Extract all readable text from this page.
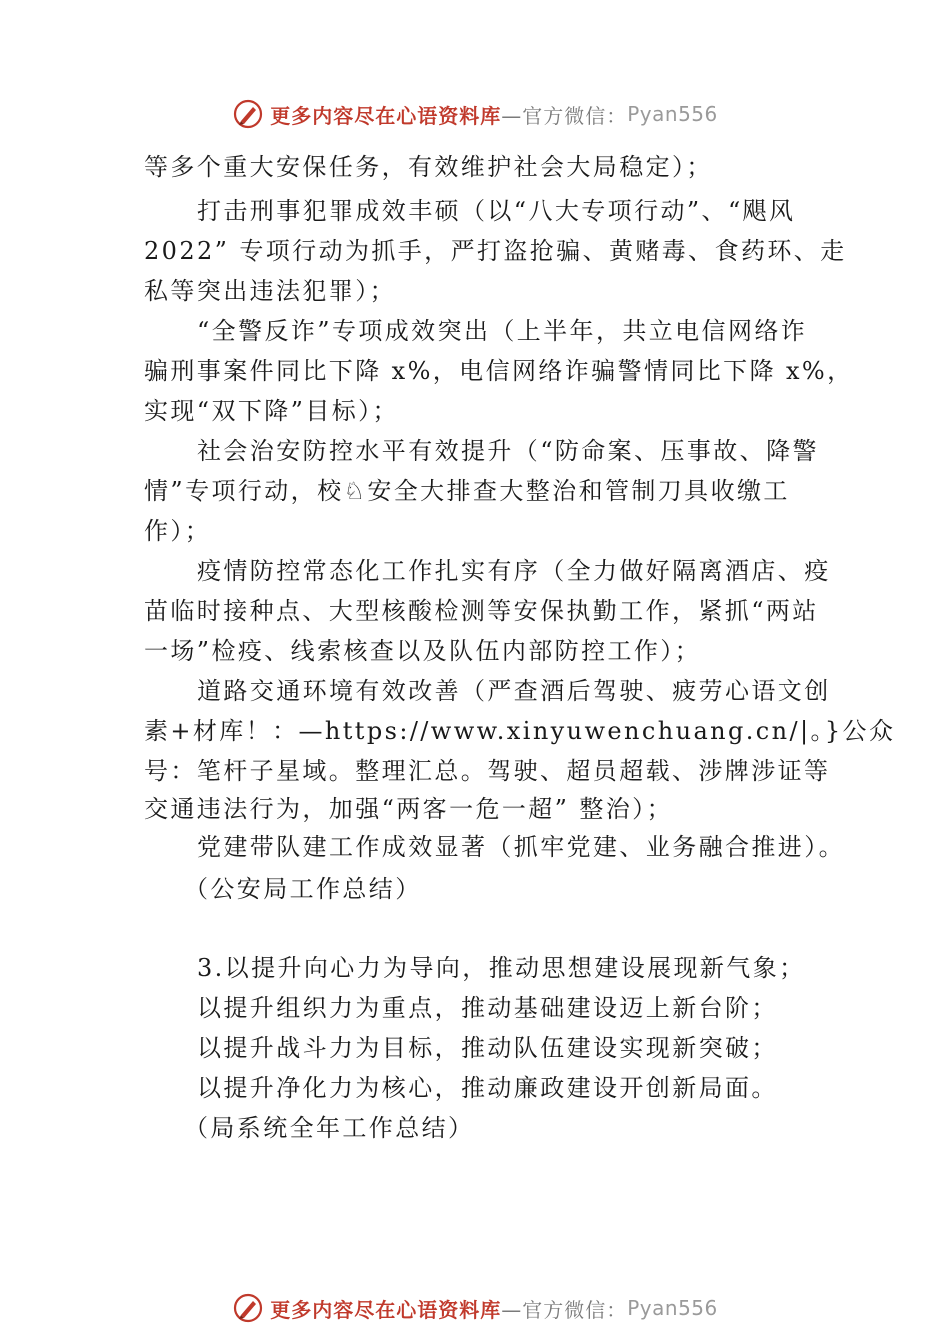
更多内容尽在心语资料库 —官方微信： Pyan556
等多个重大安保任务，有效维护社会大局稳定）；
打击刑事犯罪成效丰硕（以“八大专项行动”、“飓风
2022” 专项行动为抓手，严打盗抢骗、黄赌毒、食药环、走
私等突出违法犯罪）；
“全警反诈”专项成效突出（上半年，共立电信网络诈
骗刑事案件同比下降 x%，电信网络诈骗警情同比下降 x%，
实现“双下降”目标）；
社会治安防控水平有效提升（“防命案、压事故、降警
情”专项行动，校♘安全大排查大整治和管制刀具收缴工
作）；
疫情防控常态化工作扎实有序（全力做好隔离酒店、疫
苗临时接种点、大型核酸检测等安保执勤工作，紧抓“两站
一场”检疫、线索核查以及队伍内部防控工作）；
道路交通环境有效改善（严查酒后驾驶、疲劳心语文创
素+材库！：—https://www.xinyuwenchuang.cn/|。}公众
号：笔杆子星域。整理汇总。驾驶、超员超载、涉牌涉证等
交通违法行为，加强“两客一危一超” 整治）；
党建带队建工作成效显著（抓牢党建、业务融合推进）。
（公安局工作总结）
3.以提升向心力为导向，推动思想建设展现新气象；
以提升组织力为重点，推动基础建设迈上新台阶；
以提升战斗力为目标，推动队伍建设实现新突破；
以提升净化力为核心，推动廉政建设开创新局面。
（局系统全年工作总结）
更多内容尽在心语资料库 —官方微信： Pyan556
